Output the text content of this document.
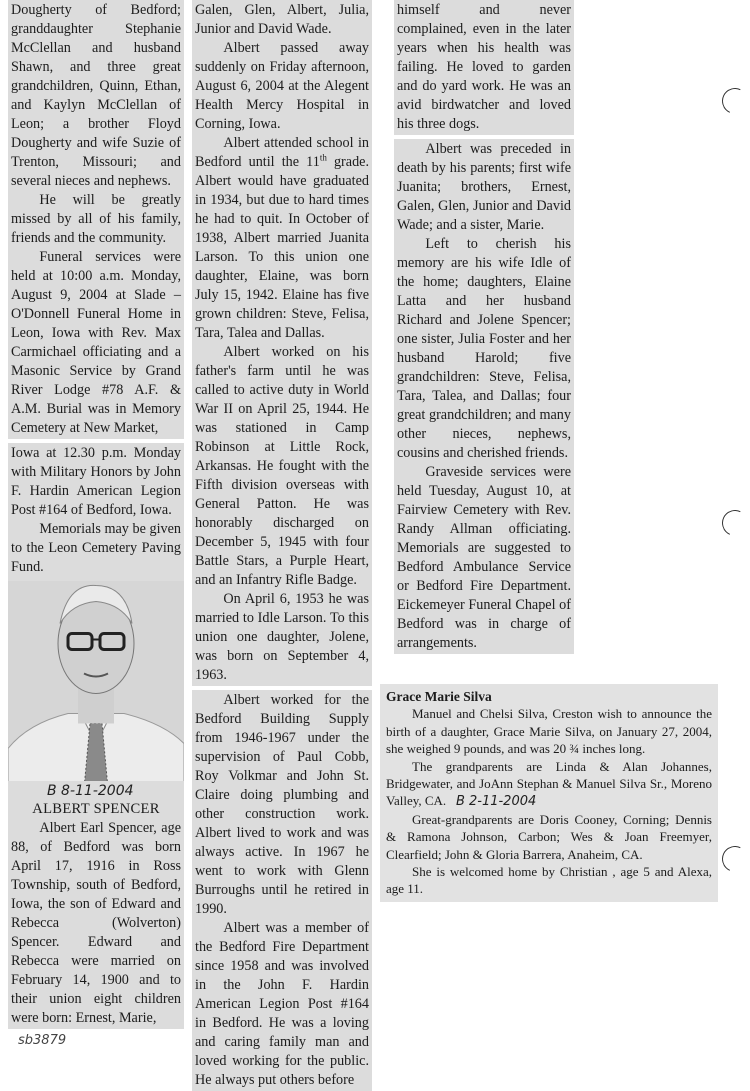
Dougherty of Bedford; granddaughter Stephanie McClellan and husband Shawn, and three great grandchildren, Quinn, Ethan, and Kaylyn McClellan of Leon; a brother Floyd Dougherty and wife Suzie of Trenton, Missouri; and several nieces and nephews.

He will be greatly missed by all of his family, friends and the community.

Funeral services were held at 10:00 a.m. Monday, August 9, 2004 at Slade – O'Donnell Funeral Home in Leon, Iowa with Rev. Max Carmichael officiating and a Masonic Service by Grand River Lodge #78 A.F. & A.M. Burial was in Memory Cemetery at New Market,

Iowa at 12.30 p.m. Monday with Military Honors by John F. Hardin American Legion Post #164 of Bedford, Iowa.

Memorials may be given to the Leon Cemetery Paving Fund.

B 8-11-2004
ALBERT SPENCER

Albert Earl Spencer, age 88, of Bedford was born April 17, 1916 in Ross Township, south of Bedford, Iowa, the son of Edward and Rebecca (Wolverton) Spencer. Edward and Rebecca were married on February 14, 1900 and to their union eight children were born: Ernest, Marie,

sb3879

Galen, Glen, Albert, Julia, Junior and David Wade.

Albert passed away suddenly on Friday afternoon, August 6, 2004 at the Alegent Health Mercy Hospital in Corning, Iowa.

Albert attended school in Bedford until the 11th grade. Albert would have graduated in 1934, but due to hard times he had to quit. In October of 1938, Albert married Juanita Larson. To this union one daughter, Elaine, was born July 15, 1942. Elaine has five grown children: Steve, Felisa, Tara, Talea and Dallas.

Albert worked on his father's farm until he was called to active duty in World War II on April 25, 1944. He was stationed in Camp Robinson at Little Rock, Arkansas. He fought with the Fifth division overseas with General Patton. He was honorably discharged on December 5, 1945 with four Battle Stars, a Purple Heart, and an Infantry Rifle Badge.

On April 6, 1953 he was married to Idle Larson. To this union one daughter, Jolene, was born on September 4, 1963.

Albert worked for the Bedford Building Supply from 1946-1967 under the supervision of Paul Cobb, Roy Volkmar and John St. Claire doing plumbing and other construction work. Albert lived to work and was always active. In 1967 he went to work with Glenn Burroughs until he retired in 1990.

Albert was a member of the Bedford Fire Department since 1958 and was involved in the John F. Hardin American Legion Post #164 in Bedford. He was a loving and caring family man and loved working for the public. He always put others before

himself and never complained, even in the later years when his health was failing. He loved to garden and do yard work. He was an avid birdwatcher and loved his three dogs.

Albert was preceded in death by his parents; first wife Juanita; brothers, Ernest, Galen, Glen, Junior and David Wade; and a sister, Marie.

Left to cherish his memory are his wife Idle of the home; daughters, Elaine Latta and her husband Richard and Jolene Spencer; one sister, Julia Foster and her husband Harold; five grandchildren: Steve, Felisa, Tara, Talea, and Dallas; four great grandchildren; and many other nieces, nephews, cousins and cherished friends.

Graveside services were held Tuesday, August 10, at Fairview Cemetery with Rev. Randy Allman officiating. Memorials are suggested to Bedford Ambulance Service or Bedford Fire Department. Eickemeyer Funeral Chapel of Bedford was in charge of arrangements.

Grace Marie Silva

Manuel and Chelsi Silva, Creston wish to announce the birth of a daughter, Grace Marie Silva, on January 27, 2004, she weighed 9 pounds, and was 20 ¾ inches long.

The grandparents are Linda & Alan Johannes, Bridgewater, and JoAnn Stephan & Manuel Silva Sr., Moreno Valley, CA. B 2-11-2004

Great-grandparents are Doris Cooney, Corning; Dennis & Ramona Johnson, Carbon; Wes & Joan Freemyer, Clearfield; John & Gloria Barrera, Anaheim, CA.

She is welcomed home by Christian , age 5 and Alexa, age 11.
